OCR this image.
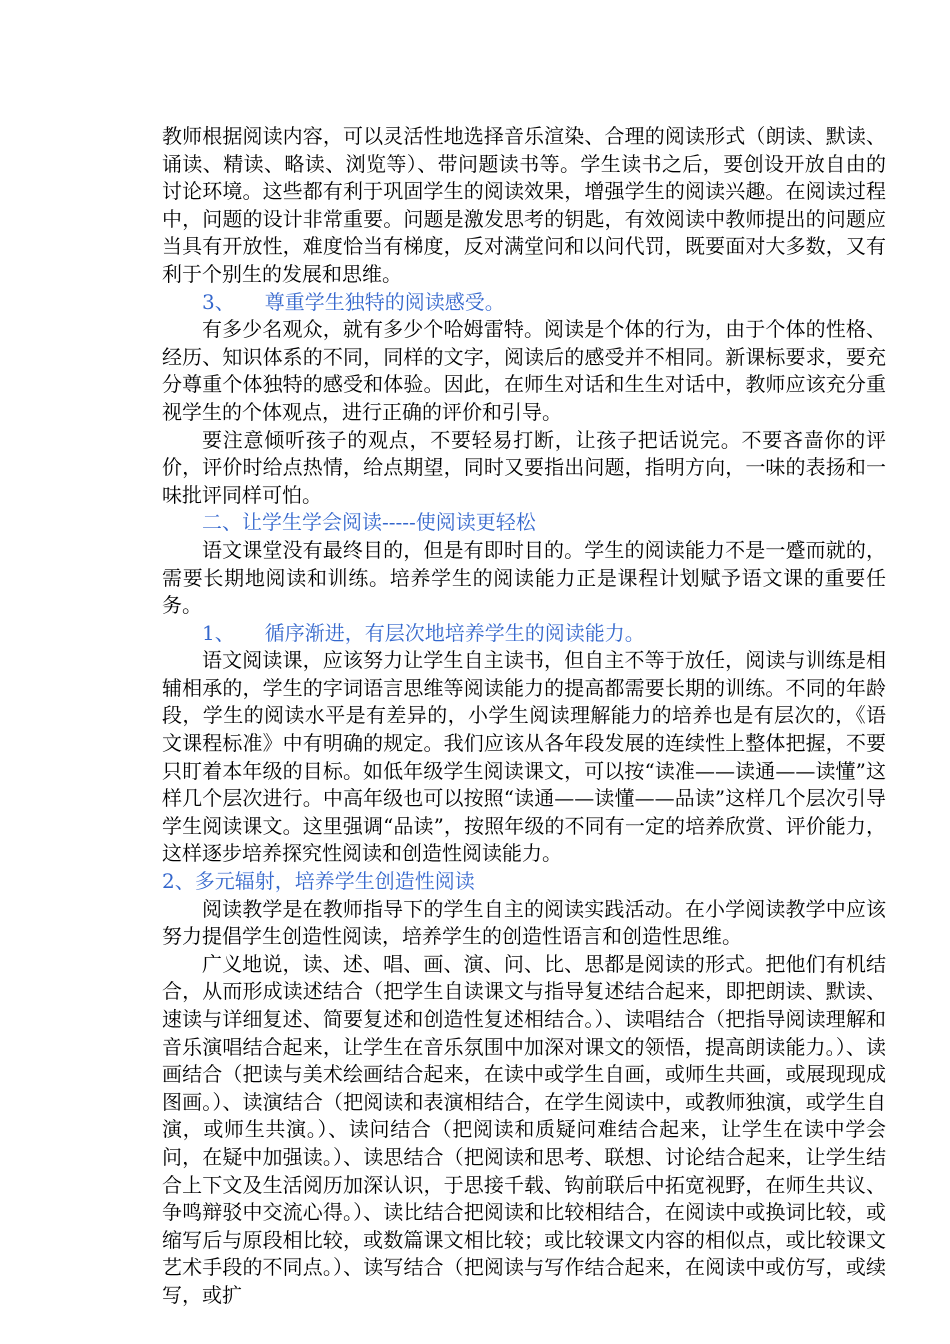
教师根据阅读内容，可以灵活性地选择音乐渲染、合理的阅读形式（朗读、默读、诵读、精读、略读、浏览等）、带问题读书等。学生读书之后，要创设开放自由的讨论环境。这些都有利于巩固学生的阅读效果，增强学生的阅读兴趣。在阅读过程中，问题的设计非常重要。问题是激发思考的钥匙，有效阅读中教师提出的问题应当具有开放性，难度恰当有梯度，反对满堂问和以问代罚，既要面对大多数，又有利于个别生的发展和思维。

3、 尊重学生独特的阅读感受。

有多少名观众，就有多少个哈姆雷特。阅读是个体的行为，由于个体的性格、经历、知识体系的不同，同样的文字，阅读后的感受并不相同。新课标要求，要充分尊重个体独特的感受和体验。因此，在师生对话和生生对话中，教师应该充分重视学生的个体观点，进行正确的评价和引导。

要注意倾听孩子的观点，不要轻易打断，让孩子把话说完。不要吝啬你的评价，评价时给点热情，给点期望，同时又要指出问题，指明方向，一味的表扬和一味批评同样可怕。

二、让学生学会阅读-----使阅读更轻松

语文课堂没有最终目的，但是有即时目的。学生的阅读能力不是一蹙而就的，需要长期地阅读和训练。培养学生的阅读能力正是课程计划赋予语文课的重要任务。

1、 循序渐进，有层次地培养学生的阅读能力。

语文阅读课，应该努力让学生自主读书，但自主不等于放任，阅读与训练是相辅相承的，学生的字词语言思维等阅读能力的提高都需要长期的训练。不同的年龄段，学生的阅读水平是有差异的，小学生阅读理解能力的培养也是有层次的，《语文课程标准》中有明确的规定。我们应该从各年段发展的连续性上整体把握，不要只盯着本年级的目标。如低年级学生阅读课文，可以按“读准——读通——读懂”这样几个层次进行。中高年级也可以按照“读通——读懂——品读”这样几个层次引导学生阅读课文。这里强调“品读”，按照年级的不同有一定的培养欣赏、评价能力，这样逐步培养探究性阅读和创造性阅读能力。

2、多元辐射，培养学生创造性阅读

阅读教学是在教师指导下的学生自主的阅读实践活动。在小学阅读教学中应该努力提倡学生创造性阅读，培养学生的创造性语言和创造性思维。

广义地说，读、述、唱、画、演、问、比、思都是阅读的形式。把他们有机结合，从而形成读述结合（把学生自读课文与指导复述结合起来，即把朗读、默读、速读与详细复述、简要复述和创造性复述相结合。）、读唱结合（把指导阅读理解和音乐演唱结合起来，让学生在音乐氛围中加深对课文的领悟，提高朗读能力。）、读画结合（把读与美术绘画结合起来，在读中或学生自画，或师生共画，或展现现成图画。）、读演结合（把阅读和表演相结合，在学生阅读中，或教师独演，或学生自演，或师生共演。）、读问结合（把阅读和质疑问难结合起来，让学生在读中学会问，在疑中加强读。）、读思结合（把阅读和思考、联想、讨论结合起来，让学生结合上下文及生活阅历加深认识，于思接千载、钩前联后中拓宽视野，在师生共议、争鸣辩驳中交流心得。）、读比结合把阅读和比较相结合，在阅读中或换词比较，或缩写后与原段相比较，或数篇课文相比较；或比较课文内容的相似点，或比较课文艺术手段的不同点。）、读写结合（把阅读与写作结合起来，在阅读中或仿写，或续写，或扩
